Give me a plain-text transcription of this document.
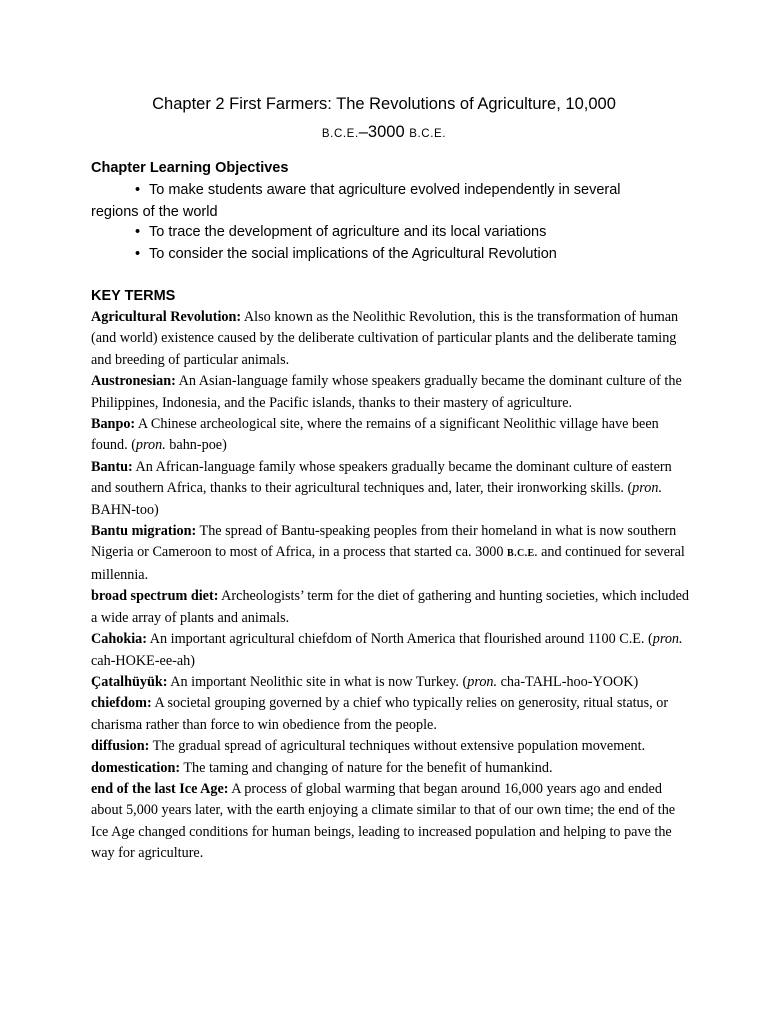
Chapter 2 First Farmers: The Revolutions of Agriculture, 10,000
B.C.E.–3000 B.C.E.
Chapter Learning Objectives
• To make students aware that agriculture evolved independently in several
regions of the world
• To trace the development of agriculture and its local variations
• To consider the social implications of the Agricultural Revolution
KEY TERMS

Agricultural Revolution: Also known as the Neolithic Revolution, this is the transformation of human (and world) existence caused by the deliberate cultivation of particular plants and the deliberate taming and breeding of particular animals.

Austronesian: An Asian-language family whose speakers gradually became the dominant culture of the Philippines, Indonesia, and the Pacific islands, thanks to their mastery of agriculture.

Banpo: A Chinese archeological site, where the remains of a significant Neolithic village have been found. (pron. bahn-poe)

Bantu: An African-language family whose speakers gradually became the dominant culture of eastern and southern Africa, thanks to their agricultural techniques and, later, their ironworking skills. (pron. BAHN-too)

Bantu migration: The spread of Bantu-speaking peoples from their homeland in what is now southern Nigeria or Cameroon to most of Africa, in a process that started ca. 3000 B.C.E. and continued for several millennia.

broad spectrum diet: Archeologists’ term for the diet of gathering and hunting societies, which included a wide array of plants and animals.

Cahokia: An important agricultural chiefdom of North America that flourished around 1100 C.E. (pron. cah-HOKE-ee-ah)

Çatalhüyük: An important Neolithic site in what is now Turkey. (pron. cha-TAHL-hoo-YOOK)

chiefdom: A societal grouping governed by a chief who typically relies on generosity, ritual status, or charisma rather than force to win obedience from the people.

diffusion: The gradual spread of agricultural techniques without extensive population movement.

domestication: The taming and changing of nature for the benefit of humankind.

end of the last Ice Age: A process of global warming that began around 16,000 years ago and ended about 5,000 years later, with the earth enjoying a climate similar to that of our own time; the end of the Ice Age changed conditions for human beings, leading to increased population and helping to pave the way for agriculture.
